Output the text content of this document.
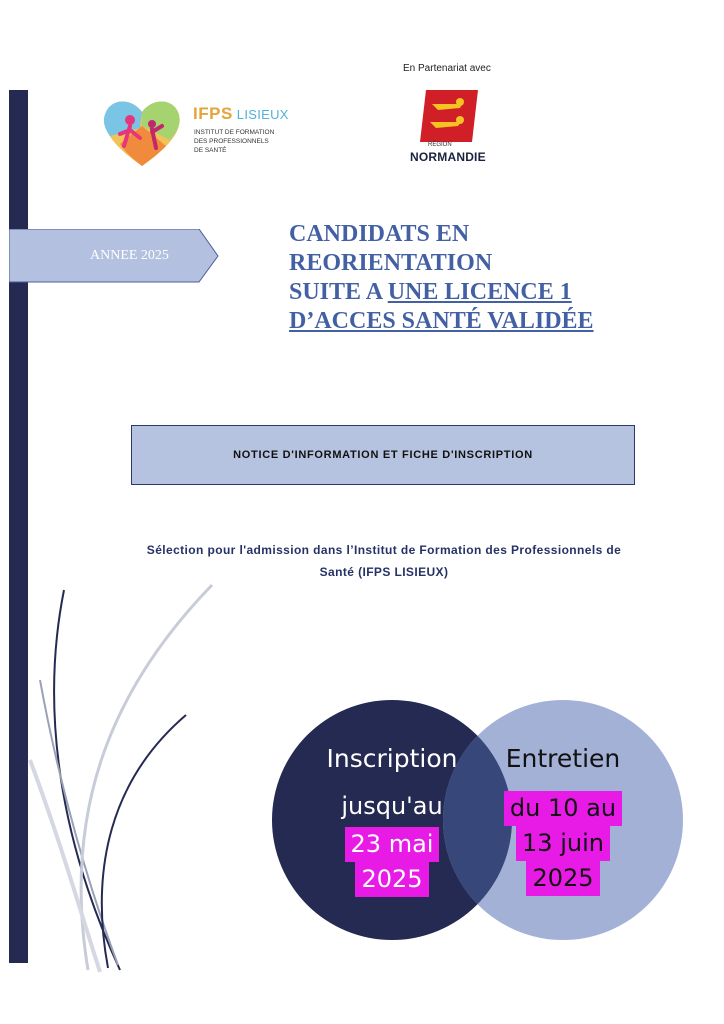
En Partenariat avec
IFPS LISIEUX
INSTITUT DE FORMATION
DES PROFESSIONNELS
DE SANTÉ
RÉGION
NORMANDIE
ANNEE 2025
CANDIDATS EN
REORIENTATION
SUITE A UNE LICENCE 1
D’ACCES SANTÉ VALIDÉE
NOTICE D'INFORMATION ET FICHE D'INSCRIPTION
Sélection pour l'admission dans l’Institut de Formation des Professionnels de
Santé (IFPS LISIEUX)
Inscription
jusqu'au
23 mai
2025
Entretien
du 10 au
13 juin
2025
